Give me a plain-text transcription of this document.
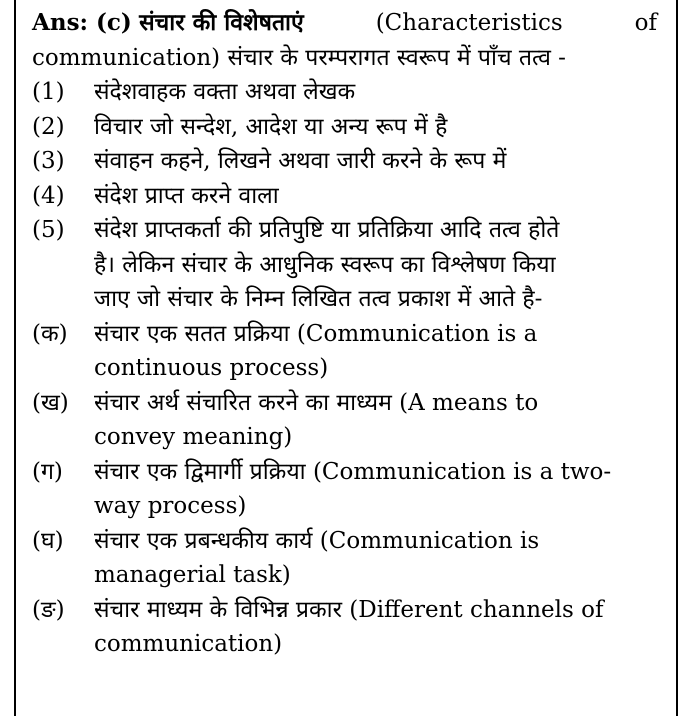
Ans: (c) संचार की विशेषताएं	(Characteristics	of
communication) संचार के परम्परागत स्वरूप में पाँच तत्व -
(1)	संदेशवाहक वक्ता अथवा लेखक
(2)	विचार जो सन्देश, आदेश या अन्य रूप में है
(3)	संवाहन कहने, लिखने अथवा जारी करने के रूप में
(4)	संदेश प्राप्त करने वाला
(5)	संदेश प्राप्तकर्ता की प्रतिपुष्टि या प्रतिक्रिया आदि तत्व होते
है। लेकिन संचार के आधुनिक स्वरूप का विश्लेषण किया
जाए जो संचार के निम्न लिखित तत्व प्रकाश में आते है-
(क)	संचार एक सतत प्रक्रिया (Communication is a
continuous process)
(ख)	संचार अर्थ संचारित करने का माध्यम (A means to
convey meaning)
(ग)	संचार एक द्विमार्गी प्रक्रिया (Communication is a two-
way process)
(घ)	संचार एक प्रबन्धकीय कार्य (Communication is
managerial task)
(ङ)	संचार माध्यम के विभिन्न प्रकार (Different channels of
communication)
